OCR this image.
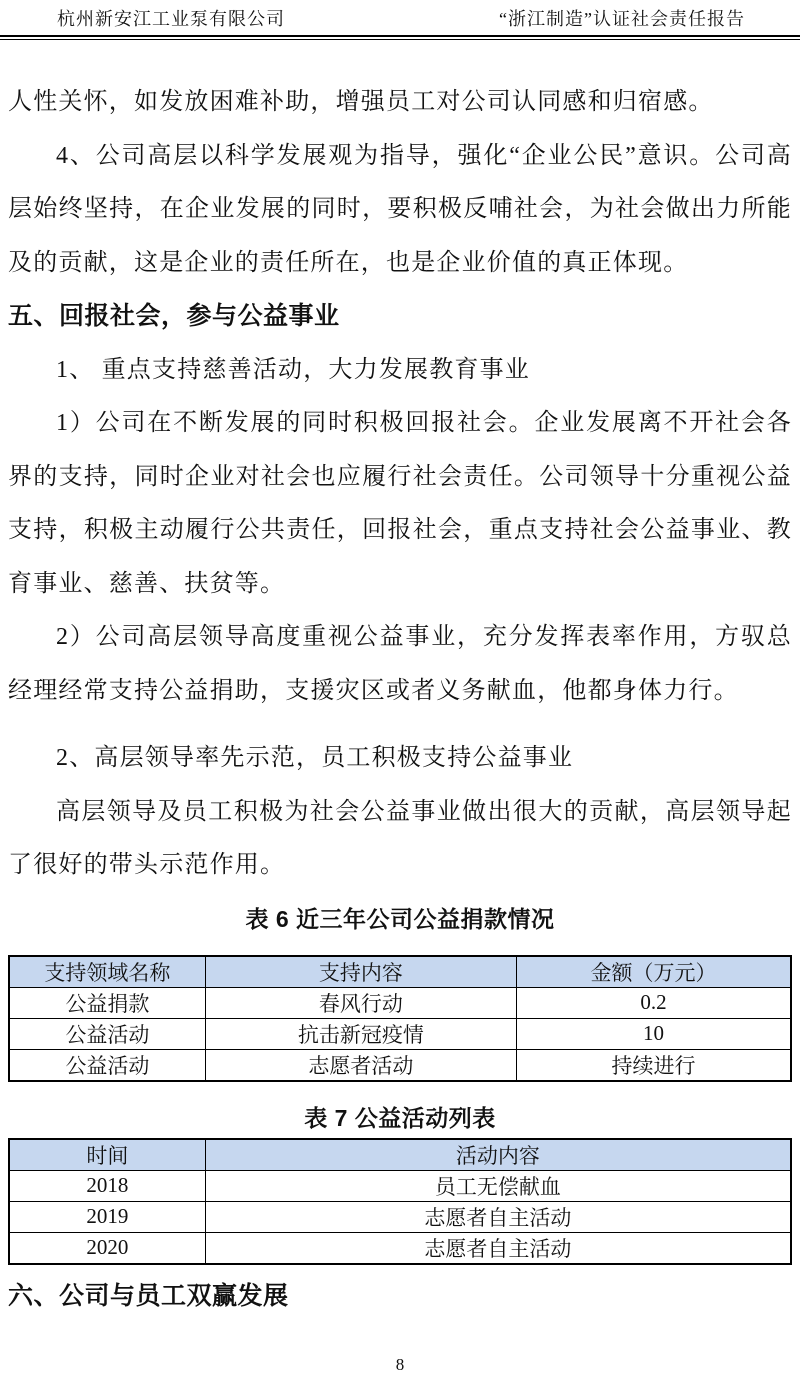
杭州新安江工业泵有限公司	“浙江制造”认证社会责任报告

人性关怀，如发放困难补助，增强员工对公司认同感和归宿感。

4、公司高层以科学发展观为指导，强化“企业公民”意识。公司高层始终坚持，在企业发展的同时，要积极反哺社会，为社会做出力所能及的贡献，这是企业的责任所在，也是企业价值的真正体现。

五、回报社会，参与公益事业

1、 重点支持慈善活动，大力发展教育事业

1）公司在不断发展的同时积极回报社会。企业发展离不开社会各界的支持，同时企业对社会也应履行社会责任。公司领导十分重视公益支持，积极主动履行公共责任，回报社会，重点支持社会公益事业、教育事业、慈善、扶贫等。

2）公司高层领导高度重视公益事业，充分发挥表率作用，方驭总经理经常支持公益捐助，支援灾区或者义务献血，他都身体力行。

2、高层领导率先示范，员工积极支持公益事业

高层领导及员工积极为社会公益事业做出很大的贡献，高层领导起了很好的带头示范作用。

表 6 近三年公司公益捐款情况

支持领域名称	支持内容	金额（万元）
公益捐款	春风行动	0.2
公益活动	抗击新冠疫情	10
公益活动	志愿者活动	持续进行

表 7 公益活动列表

时间	活动内容
2018	员工无偿献血
2019	志愿者自主活动
2020	志愿者自主活动
六、公司与员工双赢发展
8
